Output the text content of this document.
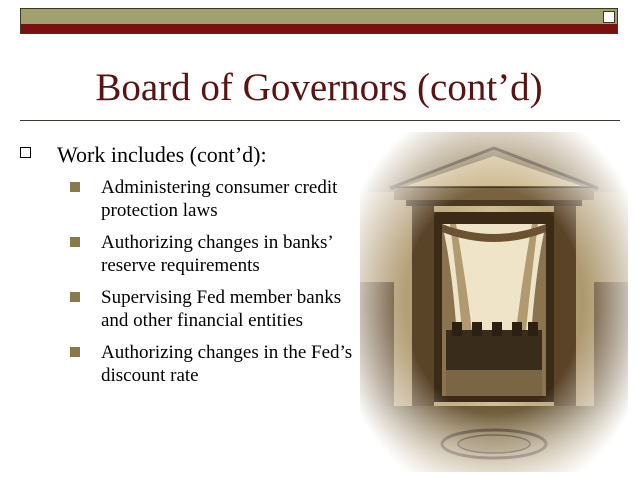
Board of Governors (cont’d)
Work includes (cont’d):
Administering consumer credit protection laws
Authorizing changes in banks’ reserve requirements
Supervising Fed member banks and other financial entities
Authorizing changes in the Fed’s discount rate
